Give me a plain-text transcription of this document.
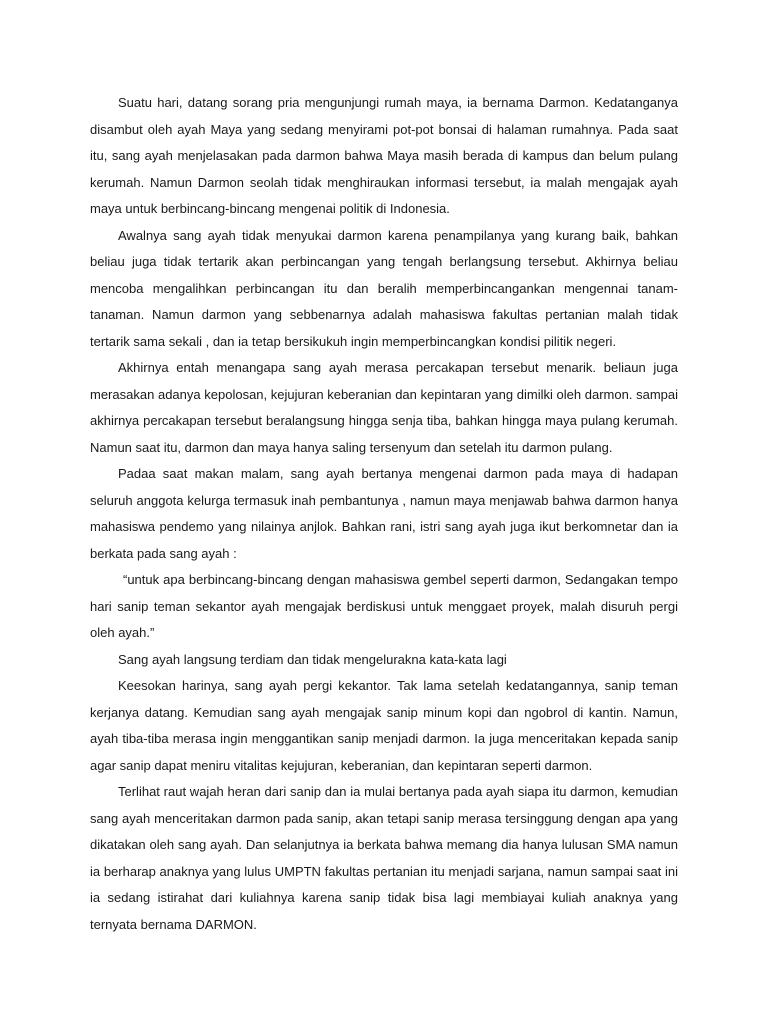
Suatu hari, datang sorang pria mengunjungi rumah maya, ia bernama Darmon. Kedatanganya disambut oleh ayah Maya yang sedang menyirami pot-pot bonsai di halaman rumahnya. Pada saat itu, sang ayah menjelasakan pada darmon bahwa Maya masih berada di kampus dan belum pulang kerumah. Namun Darmon seolah tidak menghiraukan informasi tersebut, ia malah mengajak ayah maya untuk berbincang-bincang mengenai politik di Indonesia.

Awalnya sang ayah tidak menyukai darmon karena penampilanya yang kurang baik, bahkan beliau juga tidak tertarik akan perbincangan yang tengah berlangsung tersebut. Akhirnya beliau mencoba mengalihkan perbincangan itu dan beralih memperbincangankan mengennai tanam-tanaman. Namun darmon yang sebbenarnya adalah mahasiswa fakultas pertanian malah tidak tertarik sama sekali , dan ia tetap bersikukuh ingin memperbincangkan kondisi pilitik negeri.

Akhirnya entah menangapa sang ayah merasa percakapan tersebut menarik. beliaun juga merasakan adanya kepolosan, kejujuran keberanian dan kepintaran yang dimilki oleh darmon. sampai akhirnya percakapan tersebut beralangsung hingga senja tiba, bahkan hingga maya pulang kerumah. Namun saat itu, darmon dan maya hanya saling tersenyum dan setelah itu darmon pulang.

Padaa saat makan malam, sang ayah bertanya mengenai darmon pada maya di hadapan seluruh anggota kelurga termasuk inah pembantunya , namun maya menjawab bahwa darmon hanya mahasiswa pendemo yang nilainya anjlok. Bahkan rani, istri sang ayah juga ikut berkomnetar dan ia berkata pada sang ayah :

“untuk apa berbincang-bincang dengan mahasiswa gembel seperti darmon, Sedangakan tempo hari sanip teman sekantor ayah mengajak berdiskusi untuk menggaet proyek, malah disuruh pergi oleh ayah.”

Sang ayah langsung terdiam dan tidak mengelurakna kata-kata lagi

Keesokan harinya, sang ayah pergi kekantor. Tak lama setelah kedatangannya, sanip teman kerjanya datang. Kemudian sang ayah mengajak sanip minum kopi dan ngobrol di kantin. Namun, ayah tiba-tiba merasa ingin menggantikan sanip menjadi darmon. Ia juga menceritakan kepada sanip agar sanip dapat meniru vitalitas kejujuran, keberanian, dan kepintaran seperti darmon.

Terlihat raut wajah heran dari sanip dan ia mulai bertanya pada ayah siapa itu darmon, kemudian sang ayah menceritakan darmon pada sanip, akan tetapi sanip merasa tersinggung dengan apa yang dikatakan oleh sang ayah. Dan selanjutnya ia berkata bahwa memang dia hanya lulusan SMA namun ia berharap anaknya yang lulus UMPTN fakultas pertanian itu menjadi sarjana, namun sampai saat ini ia sedang istirahat dari kuliahnya karena sanip tidak bisa lagi membiayai kuliah anaknya yang ternyata bernama DARMON.
